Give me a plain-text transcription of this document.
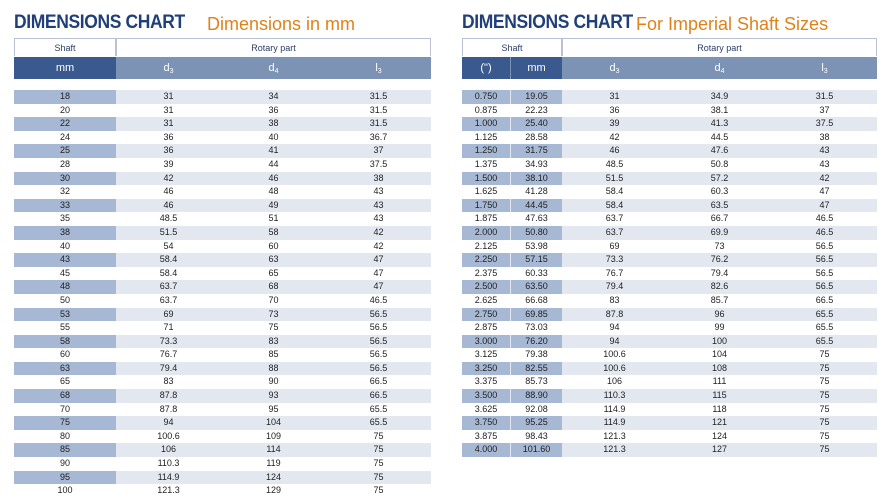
DIMENSIONS CHART Dimensions in mm
Shaft	Rotary part
mm	d3	d4	l3
18	31	34	31.5
20	31	36	31.5
22	31	38	31.5
24	36	40	36.7
25	36	41	37
28	39	44	37.5
30	42	46	38
32	46	48	43
33	46	49	43
35	48.5	51	43
38	51.5	58	42
40	54	60	42
43	58.4	63	47
45	58.4	65	47
48	63.7	68	47
50	63.7	70	46.5
53	69	73	56.5
55	71	75	56.5
58	73.3	83	56.5
60	76.7	85	56.5
63	79.4	88	56.5
65	83	90	66.5
68	87.8	93	66.5
70	87.8	95	65.5
75	94	104	65.5
80	100.6	109	75
85	106	114	75
90	110.3	119	75
95	114.9	124	75
100	121.3	129	75
DIMENSIONS CHART For Imperial Shaft Sizes
Shaft	Rotary part
(")	mm	d3	d4	l3
0.750	19.05	31	34.9	31.5
0.875	22.23	36	38.1	37
1.000	25.40	39	41.3	37.5
1.125	28.58	42	44.5	38
1.250	31.75	46	47.6	43
1.375	34.93	48.5	50.8	43
1.500	38.10	51.5	57.2	42
1.625	41.28	58.4	60.3	47
1.750	44.45	58.4	63.5	47
1.875	47.63	63.7	66.7	46.5
2.000	50.80	63.7	69.9	46.5
2.125	53.98	69	73	56.5
2.250	57.15	73.3	76.2	56.5
2.375	60.33	76.7	79.4	56.5
2.500	63.50	79.4	82.6	56.5
2.625	66.68	83	85.7	66.5
2.750	69.85	87.8	96	65.5
2.875	73.03	94	99	65.5
3.000	76.20	94	100	65.5
3.125	79.38	100.6	104	75
3.250	82.55	100.6	108	75
3.375	85.73	106	111	75
3.500	88.90	110.3	115	75
3.625	92.08	114.9	118	75
3.750	95.25	114.9	121	75
3.875	98.43	121.3	124	75
4.000	101.60	121.3	127	75
